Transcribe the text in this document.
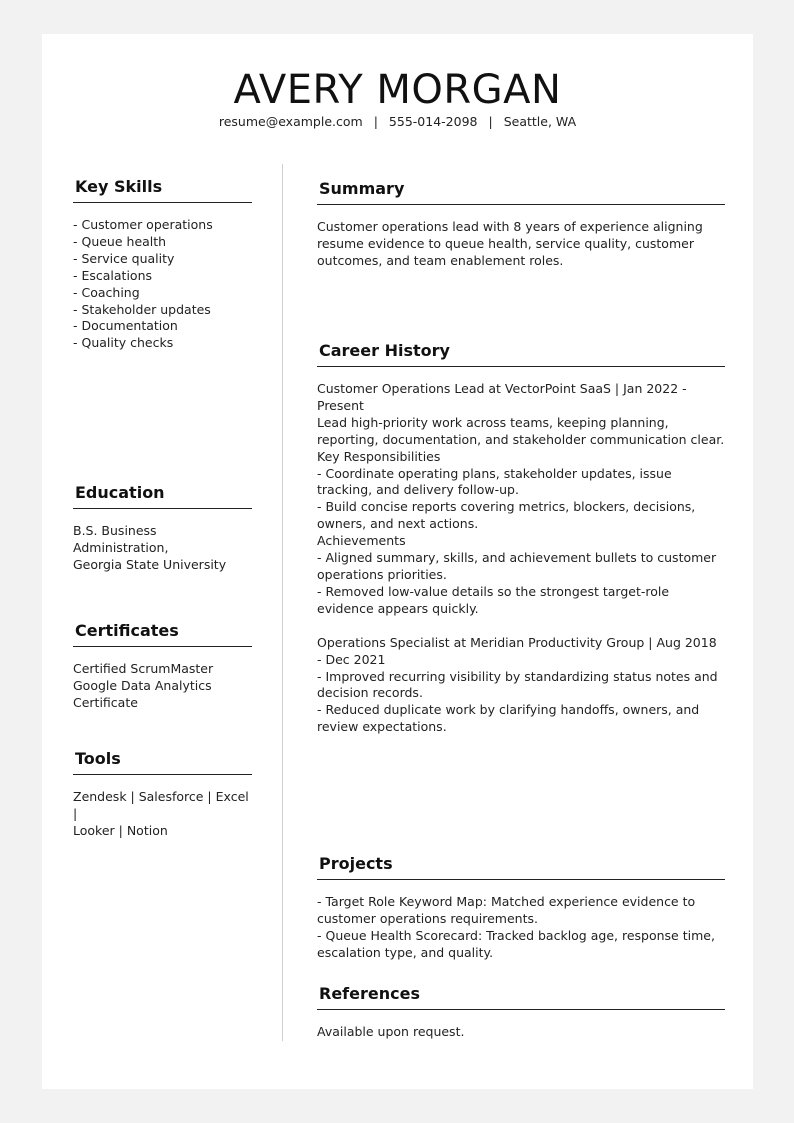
AVERY MORGAN
resume@example.com | 555-014-2098 | Seattle, WA
Key Skills
- Customer operations
- Queue health
- Service quality
- Escalations
- Coaching
- Stakeholder updates
- Documentation
- Quality checks
Education
B.S. Business Administration,
Georgia State University
Certificates
Certified ScrumMaster
Google Data Analytics
Certificate
Tools
Zendesk | Salesforce | Excel |
Looker | Notion
Summary
Customer operations lead with 8 years of experience aligning resume evidence to queue health, service quality, customer outcomes, and team enablement roles.
Career History
Customer Operations Lead at VectorPoint SaaS | Jan 2022 - Present
Lead high-priority work across teams, keeping planning, reporting, documentation, and stakeholder communication clear.
Key Responsibilities
- Coordinate operating plans, stakeholder updates, issue tracking, and delivery follow-up.
- Build concise reports covering metrics, blockers, decisions, owners, and next actions.
Achievements
- Aligned summary, skills, and achievement bullets to customer operations priorities.
- Removed low-value details so the strongest target-role evidence appears quickly.
Operations Specialist at Meridian Productivity Group | Aug 2018 - Dec 2021
- Improved recurring visibility by standardizing status notes and decision records.
- Reduced duplicate work by clarifying handoffs, owners, and review expectations.
Projects
- Target Role Keyword Map: Matched experience evidence to customer operations requirements.
- Queue Health Scorecard: Tracked backlog age, response time, escalation type, and quality.
References
Available upon request.
